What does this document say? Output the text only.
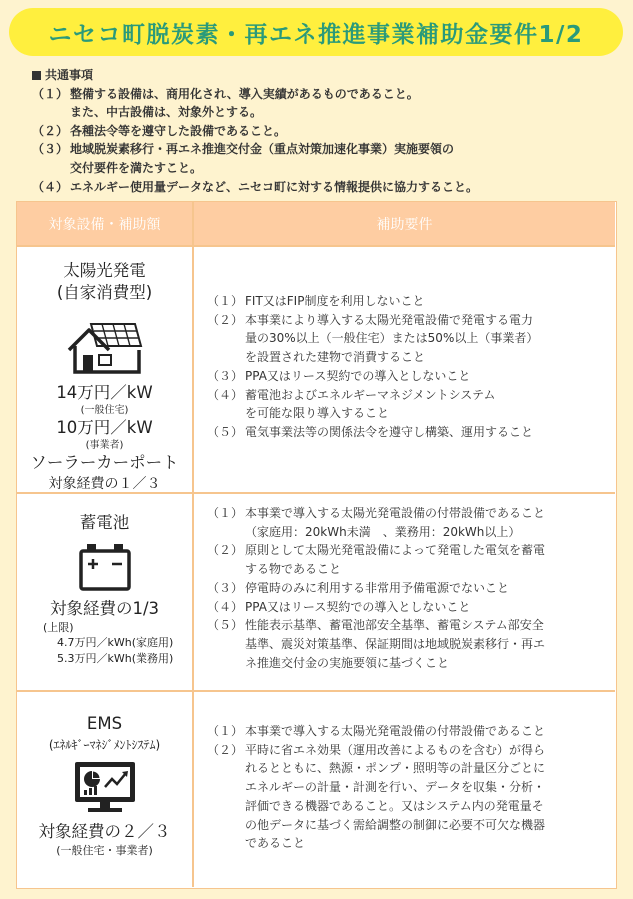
ニセコ町脱炭素・再エネ推進事業補助金要件1/2
共通事項
（１） 整備する設備は、商用化され、導入実績があるものであること。
また、中古設備は、対象外とする。
（２） 各種法令等を遵守した設備であること。
（３） 地域脱炭素移行・再エネ推進交付金（重点対策加速化事業）実施要領の
交付要件を満たすこと。
（４） エネルギー使用量データなど、ニセコ町に対する情報提供に協力すること。
対象設備・補助額	補助要件
太陽光発電
(自家消費型)
14万円／kW
(一般住宅)
10万円／kW
(事業者)
ソーラーカーポート
対象経費の１／３
（１） FIT又はFIP制度を利用しないこと
（２） 本事業により導入する太陽光発電設備で発電する電力
量の30%以上（一般住宅）または50%以上（事業者）
を設置された建物で消費すること
（３） PPA又はリース契約での導入としないこと
（４） 蓄電池およびエネルギーマネジメントシステム
を可能な限り導入すること
（５） 電気事業法等の関係法令を遵守し構築、運用すること
蓄電池
対象経費の1/3
(上限)
4.7万円／kWh(家庭用)
5.3万円／kWh(業務用)
（１） 本事業で導入する太陽光発電設備の付帯設備であること
（家庭用：20kWh未満　、業務用：20kWh以上）
（２） 原則として太陽光発電設備によって発電した電気を蓄電
する物であること
（３） 停電時のみに利用する非常用予備電源でないこと
（４） PPA又はリース契約での導入としないこと
（５） 性能表示基準、蓄電池部安全基準、蓄電システム部安全
基準、震災対策基準、保証期間は地域脱炭素移行・再エ
ネ推進交付金の実施要領に基づくこと
EMS
(ｴﾈﾙｷﾞｰﾏﾈｼﾞﾒﾝﾄｼｽﾃﾑ)
対象経費の２／３
(一般住宅・事業者)
（１） 本事業で導入する太陽光発電設備の付帯設備であること
（２） 平時に省エネ効果（運用改善によるものを含む）が得ら
れるとともに、熱源・ポンプ・照明等の計量区分ごとに
エネルギーの計量・計測を行い、データを収集・分析・
評価できる機器であること。又はシステム内の発電量そ
の他データに基づく需給調整の制御に必要不可欠な機器
であること
